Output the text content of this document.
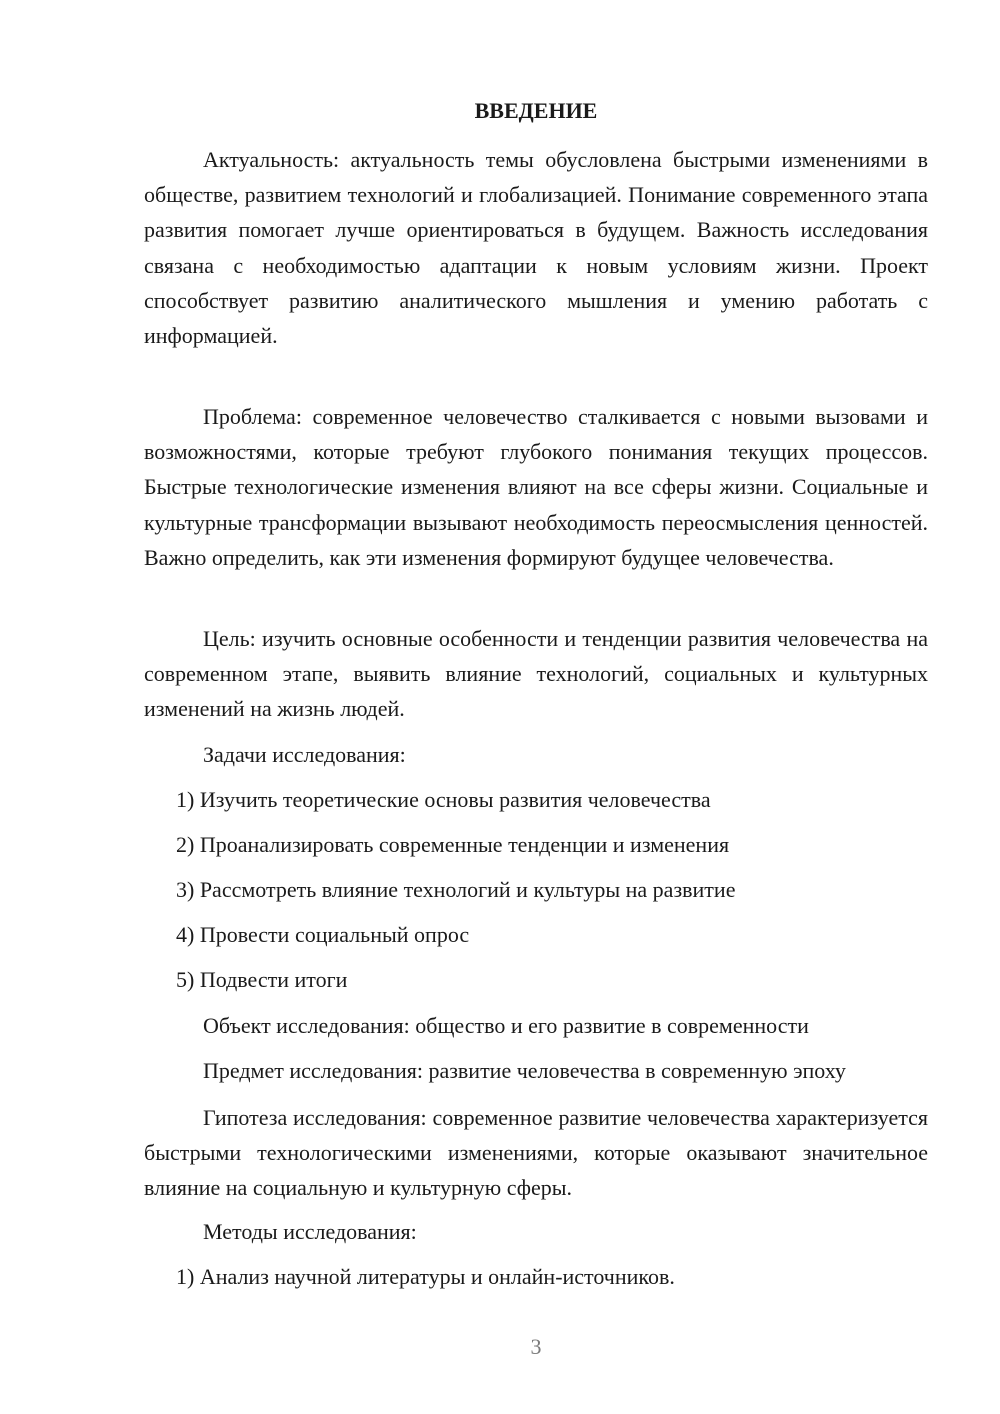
ВВЕДЕНИЕ

Актуальность: актуальность темы обусловлена быстрыми изменениями в обществе, развитием технологий и глобализацией. Понимание современного этапа развития помогает лучше ориентироваться в будущем. Важность исследования связана с необходимостью адаптации к новым условиям жизни. Проект способствует развитию аналитического мышления и умению работать с информацией.

Проблема: современное человечество сталкивается с новыми вызовами и возможностями, которые требуют глубокого понимания текущих процессов. Быстрые технологические изменения влияют на все сферы жизни. Социальные и культурные трансформации вызывают необходимость переосмысления ценностей. Важно определить, как эти изменения формируют будущее человечества.

Цель: изучить основные особенности и тенденции развития человечества на современном этапе, выявить влияние технологий, социальных и культурных изменений на жизнь людей.

Задачи исследования:

1) Изучить теоретические основы развития человечества

2) Проанализировать современные тенденции и изменения

3) Рассмотреть влияние технологий и культуры на развитие

4) Провести социальный опрос

5) Подвести итоги

Объект исследования: общество и его развитие в современности

Предмет исследования: развитие человечества в современную эпоху

Гипотеза исследования: современное развитие человечества характеризуется быстрыми технологическими изменениями, которые оказывают значительное влияние на социальную и культурную сферы.

Методы исследования:

1) Анализ научной литературы и онлайн-источников.

3
